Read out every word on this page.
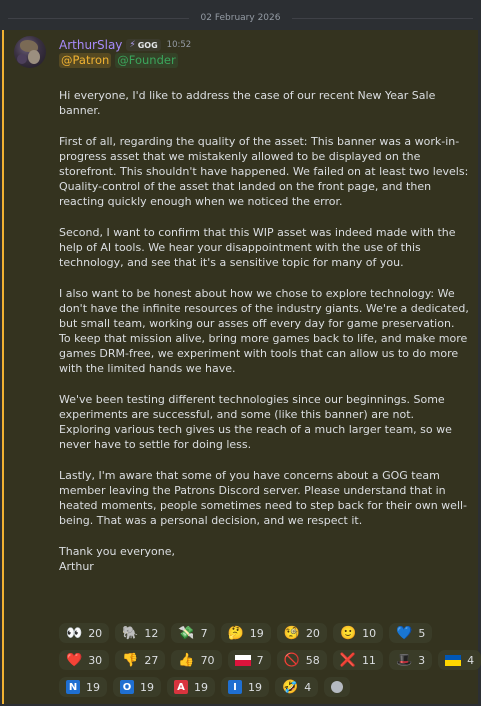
02 February 2026
ArthurSlay ⚡ GOG 10:52
@Patron @Founder

Hi everyone, I'd like to address the case of our recent New Year Sale banner.

First of all, regarding the quality of the asset: This banner was a work-in-progress asset that we mistakenly allowed to be displayed on the storefront. This shouldn't have happened. We failed on at least two levels: Quality-control of the asset that landed on the front page, and then reacting quickly enough when we noticed the error.

Second, I want to confirm that this WIP asset was indeed made with the help of AI tools. We hear your disappointment with the use of this technology, and see that it's a sensitive topic for many of you.

I also want to be honest about how we chose to explore technology: We don't have the infinite resources of the industry giants. We're a dedicated, but small team, working our asses off every day for game preservation. To keep that mission alive, bring more games back to life, and make more games DRM-free, we experiment with tools that can allow us to do more with the limited hands we have.

We've been testing different technologies since our beginnings. Some experiments are successful, and some (like this banner) are not. Exploring various tech gives us the reach of a much larger team, so we never have to settle for doing less.

Lastly, I'm aware that some of you have concerns about a GOG team member leaving the Patrons Discord server. Please understand that in heated moments, people sometimes need to step back for their own well-being. That was a personal decision, and we respect it.

Thank you everyone,
Arthur
👀 20 🐘 12 💸 7 🤔 19 🧐 20 🙂 10 💙 5
❤️ 30 👎 27 👍 70	7 🚫 58 ❌ 11 🎩 3	4
N 19 O 19	A 19	I	19 🤣 4
